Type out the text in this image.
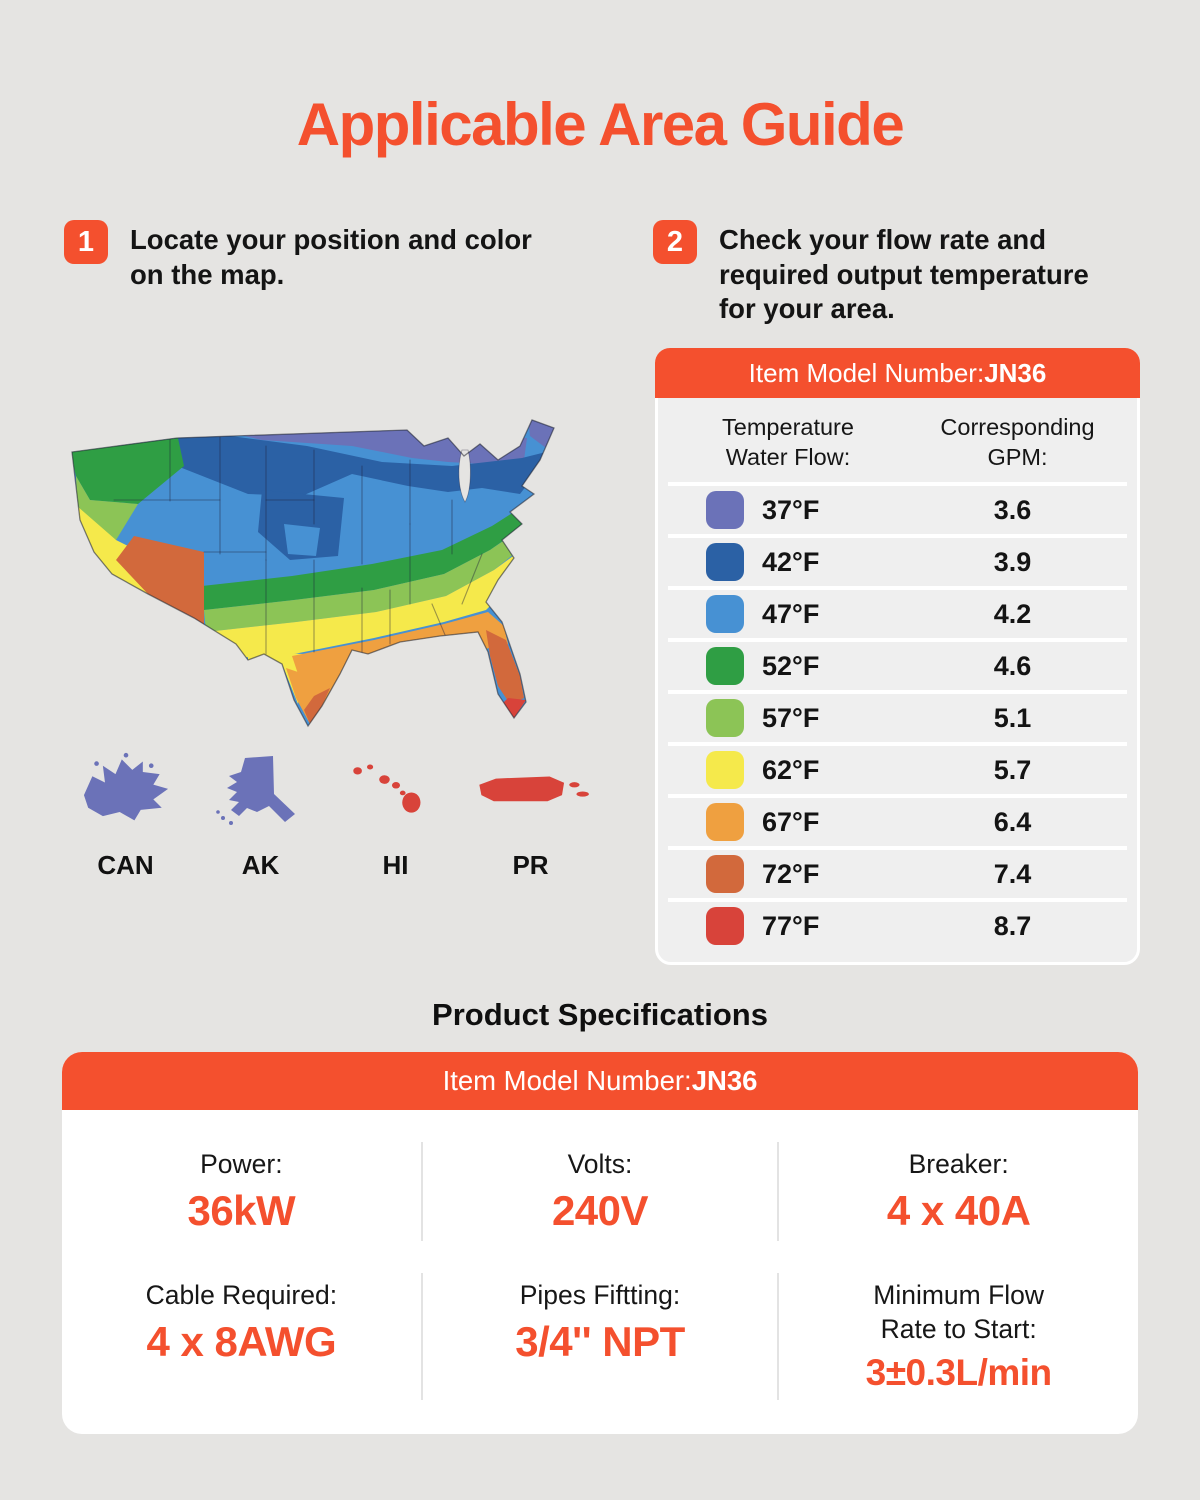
Applicable Area Guide
1	Locate your position and color
on the map.
2	Check your flow rate and
required output temperature
for your area.
CAN	AK	HI	PR
Item Model Number: JN36
Temperature
Water Flow:
Corresponding
GPM:
37°F	3.6
42°F	3.9
47°F	4.2
52°F	4.6
57°F	5.1
62°F	5.7
67°F	6.4
72°F	7.4
77°F	8.7
Product Specifications
Item Model Number: JN36
Power:
36kW
Volts:
240V
Breaker:
4 x 40A
Cable Required:
4 x 8AWG
Pipes Fiftting:
3/4'' NPT
Minimum Flow
Rate to Start:
3±0.3L/min
